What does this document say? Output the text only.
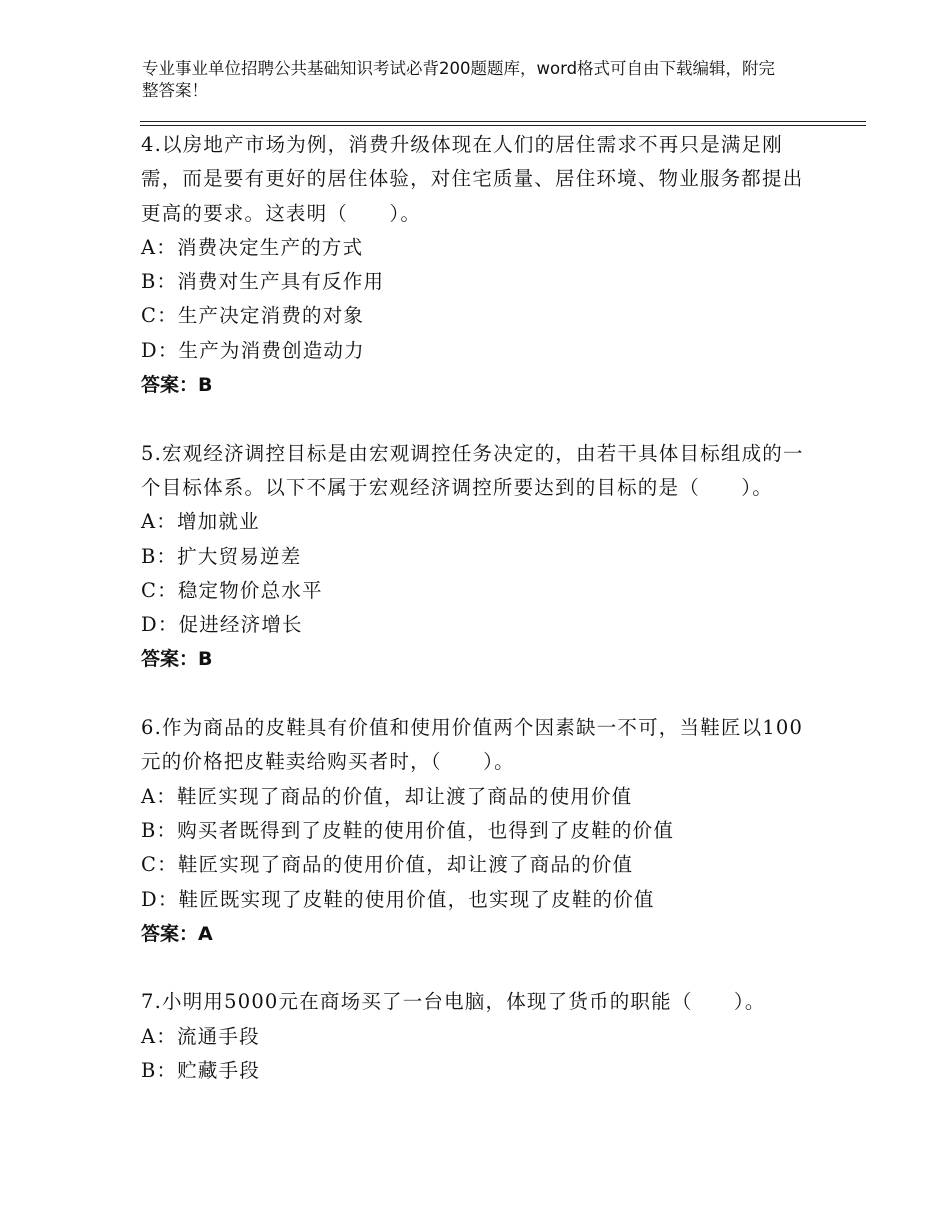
专业事业单位招聘公共基础知识考试必背200题题库，word格式可自由下载编辑，附完整答案！

4.以房地产市场为例，消费升级体现在人们的居住需求不再只是满足刚需，而是要有更好的居住体验，对住宅质量、居住环境、物业服务都提出更高的要求。这表明（　　）。

A：消费决定生产的方式

B：消费对生产具有反作用

C：生产决定消费的对象

D：生产为消费创造动力

答案：B

5.宏观经济调控目标是由宏观调控任务决定的，由若干具体目标组成的一个目标体系。以下不属于宏观经济调控所要达到的目标的是（　　）。

A：增加就业

B：扩大贸易逆差

C：稳定物价总水平

D：促进经济增长

答案：B

6.作为商品的皮鞋具有价值和使用价值两个因素缺一不可，当鞋匠以100元的价格把皮鞋卖给购买者时，（　　）。

A：鞋匠实现了商品的价值，却让渡了商品的使用价值

B：购买者既得到了皮鞋的使用价值，也得到了皮鞋的价值

C：鞋匠实现了商品的使用价值，却让渡了商品的价值

D：鞋匠既实现了皮鞋的使用价值，也实现了皮鞋的价值

答案：A

7.小明用5000元在商场买了一台电脑，体现了货币的职能（　　）。

A：流通手段

B：贮藏手段
